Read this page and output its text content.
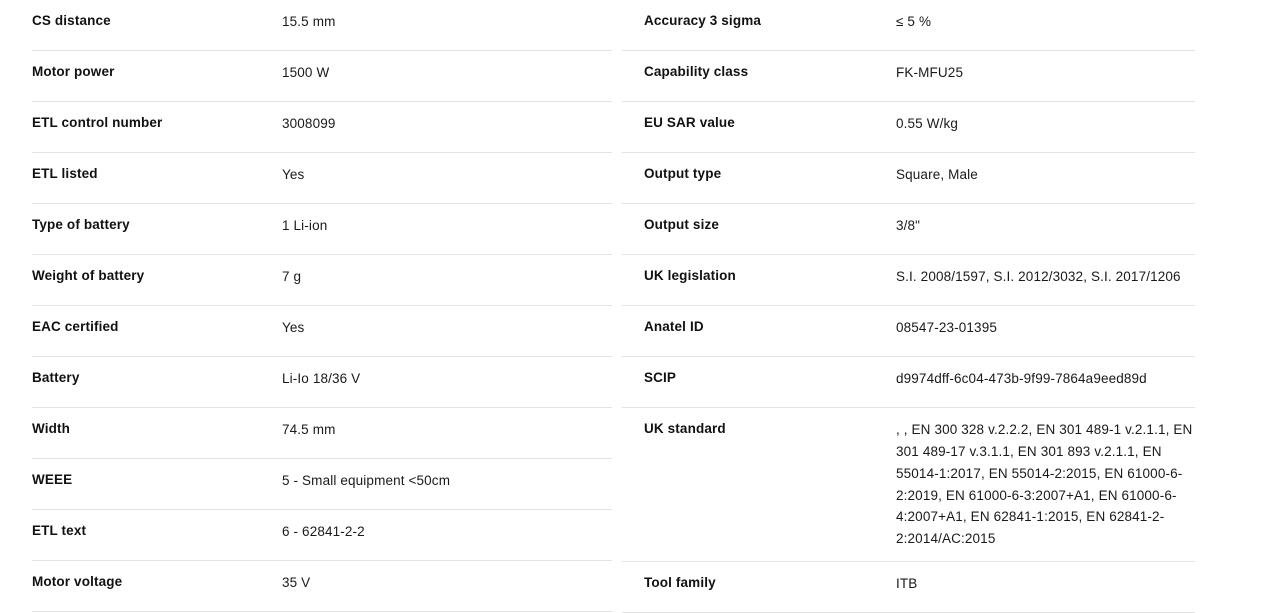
CS distance	15.5 mm
Motor power	1500 W
ETL control number	3008099
ETL listed	Yes
Type of battery	1 Li-ion
Weight of battery	7 g
EAC certified	Yes
Battery	Li-Io 18/36 V
Width	74.5 mm
WEEE	5 - Small equipment <50cm
ETL text	6 - 62841-2-2
Motor voltage	35 V
Accuracy 3 sigma	≤ 5 %
Capability class	FK-MFU25
EU SAR value	0.55 W/kg
Output type	Square, Male
Output size	3/8"
UK legislation	S.I. 2008/1597, S.I. 2012/3032, S.I. 2017/1206
Anatel ID	08547-23-01395
SCIP	d9974dff-6c04-473b-9f99-7864a9eed89d
UK standard	, , EN 300 328 v.2.2.2, EN 301 489-1 v.2.1.1, EN 301 489-17 v.3.1.1, EN 301 893 v.2.1.1, EN 55014-1:2017, EN 55014-2:2015, EN 61000-6-2:2019, EN 61000-6-3:2007+A1, EN 61000-6-4:2007+A1, EN 62841-1:2015, EN 62841-2-2:2014/AC:2015
Tool family	ITB
